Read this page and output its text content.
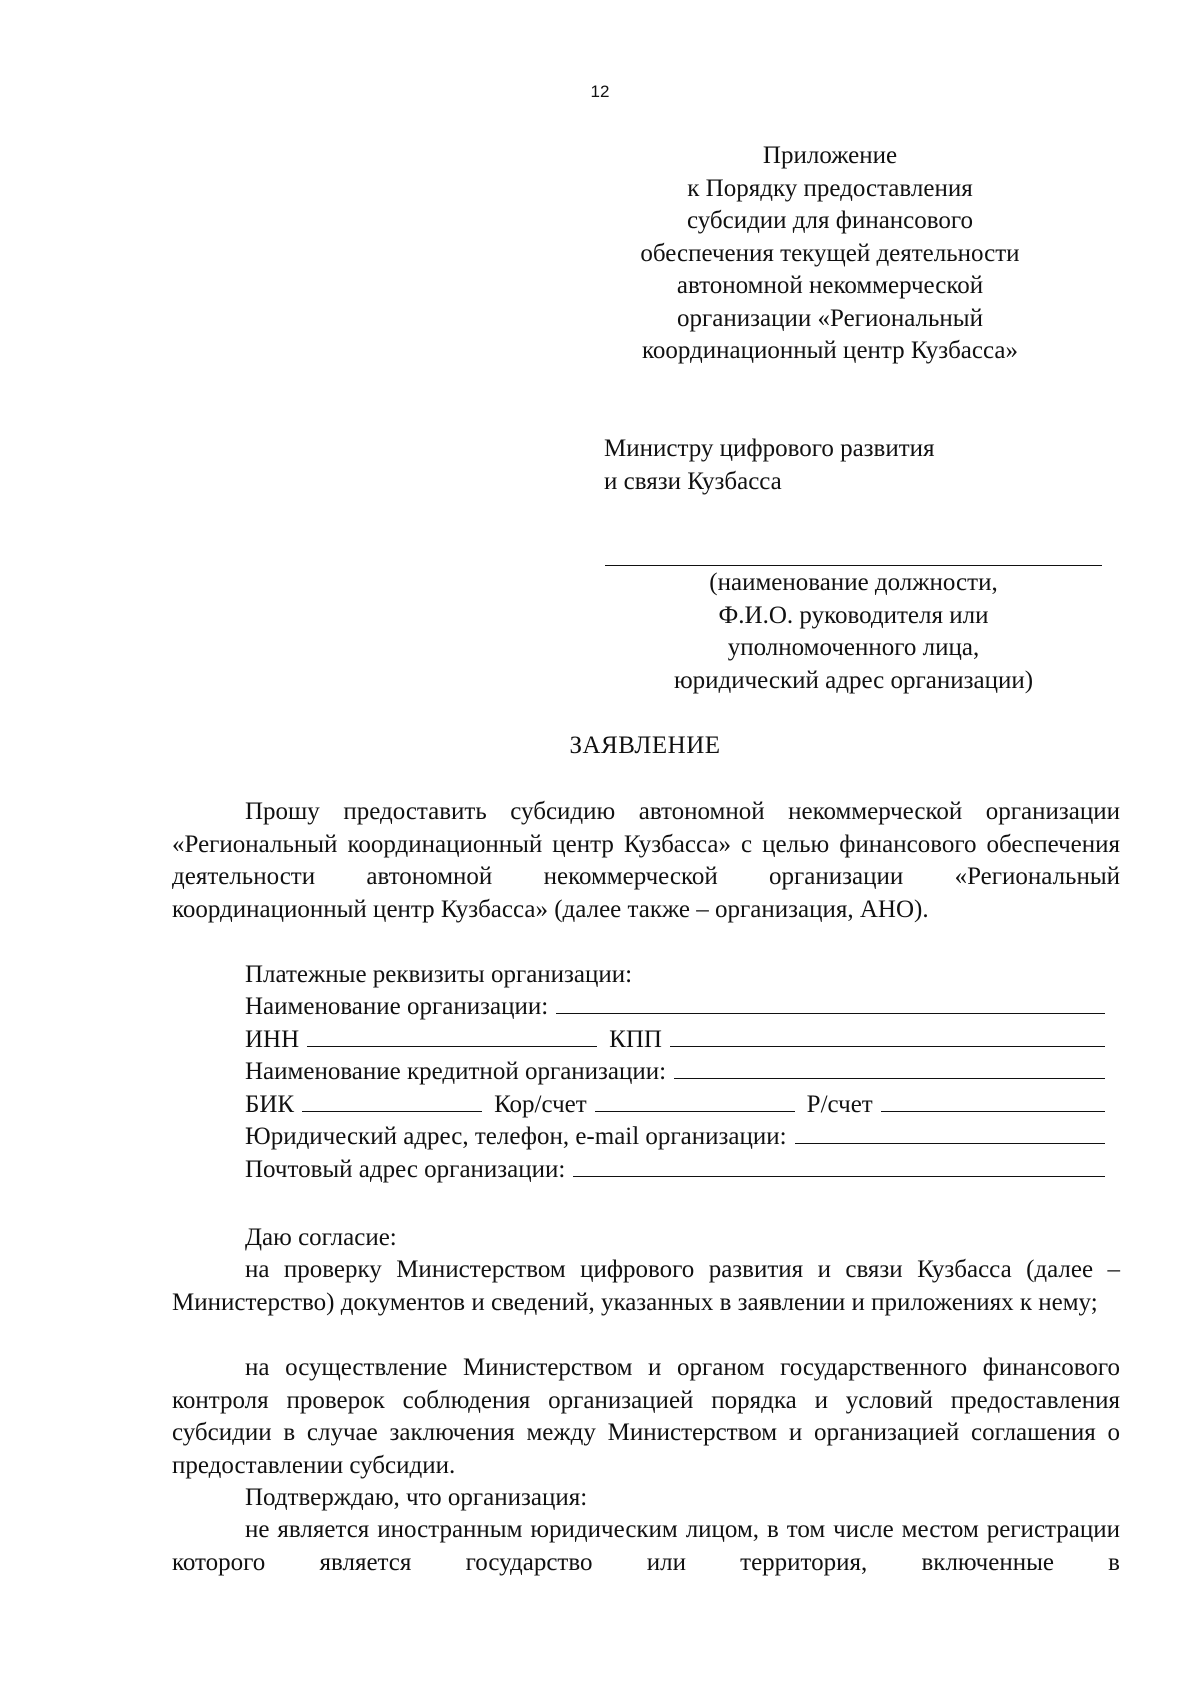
12
Приложение
к Порядку предоставления
субсидии для финансового
обеспечения текущей деятельности
автономной некоммерческой
организации «Региональный
координационный центр Кузбасса»
Министру цифрового развития
и связи Кузбасса
(наименование должности,
Ф.И.О. руководителя или
уполномоченного лица,
юридический адрес организации)
ЗАЯВЛЕНИЕ

Прошу предоставить субсидию автономной некоммерческой организации «Региональный координационный центр Кузбасса» с целью финансового обеспечения деятельности автономной некоммерческой организации «Региональный координационный центр Кузбасса» (далее также – организация, АНО).

Платежные реквизиты организации:
Наименование организации:
ИНН	КПП
Наименование кредитной организации:
БИК	Кор/счет	Р/счет
Юридический адрес, телефон, e-mail организации:
Почтовый адрес организации:
Даю согласие:

на проверку Министерством цифрового развития и связи Кузбасса (далее – Министерство) документов и сведений, указанных в заявлении и приложениях к нему;

на осуществление Министерством и органом государственного финансового контроля проверок соблюдения организацией порядка и условий предоставления субсидии в случае заключения между Министерством и организацией соглашения о предоставлении субсидии.

Подтверждаю, что организация:

не является иностранным юридическим лицом, в том числе местом регистрации которого является государство или территория, включенные в
